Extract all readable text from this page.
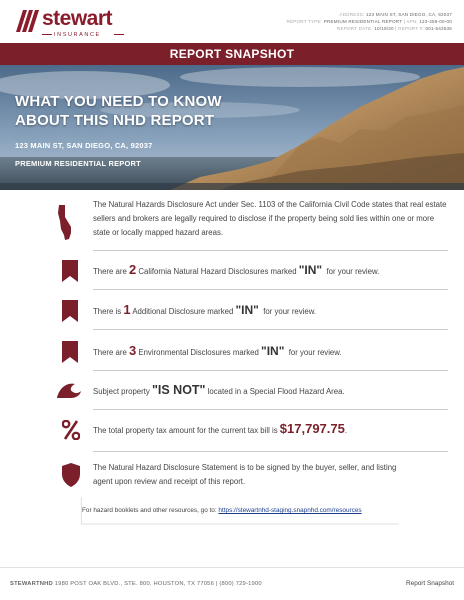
stewart
INSURANCE
ADDRESS: 123 MAIN ST, SAN DIEGO, CA, 92037
REPORT TYPE: PREMIUM RESIDENTIAL REPORT | APN: 123-456-00-00
REPORT DATE: 10/19/20 | REPORT #: 001-542636
REPORT SNAPSHOT
WHAT YOU NEED TO KNOW
ABOUT THIS NHD REPORT
123 MAIN ST, SAN DIEGO, CA, 92037
PREMIUM RESIDENTIAL REPORT
The Natural Hazards Disclosure Act under Sec. 1103 of the California Civil Code states that real estate sellers and brokers are legally required to disclose if the property being sold lies within one or more state or locally mapped hazard areas.
There are 2 California Natural Hazard Disclosures marked "IN" for your review.
There is 1 Additional Disclosure marked "IN" for your review.
There are 3 Environmental Disclosures marked "IN" for your review.
Subject property "IS NOT" located in a Special Flood Hazard Area.
The total property tax amount for the current tax bill is $17,797.75.
The Natural Hazard Disclosure Statement is to be signed by the buyer, seller, and listing
agent upon review and receipt of this report.
For hazard booklets and other resources, go to: https://stewartnhd-staging.snapnhd.com/resources
STEWARTNHD 1980 POST OAK BLVD., STE. 800, HOUSTON, TX 77056 | (800) 729-1900	Report Snapshot
